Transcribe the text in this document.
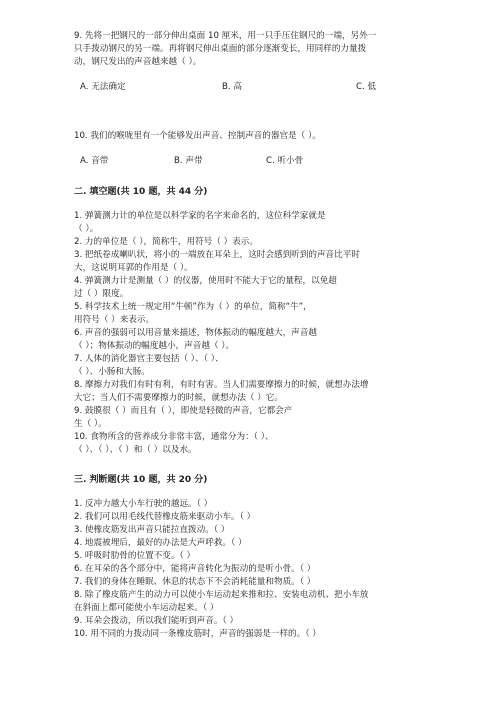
9. 先将一把钢尺的一部分伸出桌面 10 厘米，用一只手压住钢尺的一端，另外一
只手拨动钢尺的另一端。再将钢尺伸出桌面的部分逐渐变长，用同样的力量拨
动，钢尺发出的声音越来越（ ）。
A. 无法确定	B. 高	C. 低
10. 我们的喉咙里有一个能够发出声音、控制声音的器官是（ ）。
A. 音带	B. 声带	C. 听小骨
二. 填空题(共 10 题，共 44 分)
1. 弹簧测力计的单位是以科学家的名字来命名的，这位科学家就是
（ ）。
2. 力的单位是（ ），简称牛，用符号（ ）表示。
3. 把纸卷成喇叭状，将小的一端放在耳朵上，这时会感到听到的声音比平时
大，这说明耳郭的作用是（ ）。
4. 弹簧测力计是测量（ ）的仪器，使用时不能大于它的量程，以免超
过（ ）限度。
5. 科学技术上统一规定用“牛顿”作为（ ）的单位，简称“牛”，
用符号（ ）来表示。
6. 声音的强弱可以用音量来描述，物体振动的幅度越大，声音越
（ ）；物体振动的幅度越小，声音越（ ）。
7. 人体的消化器官主要包括（ ）、（ ）、
（ ）、小肠和大肠。
8. 摩擦力对我们有时有利，有时有害。当人们需要摩擦力的时候，就想办法增
大它；当人们不需要摩擦力的时候，就想办法（ ）它。
9. 鼓膜很（ ）而且有（ ），即使是轻微的声音，它都会产
生（ ）。
10. 食物所含的营养成分非常丰富，通常分为：（ ）、
（ ）、（ ）、（ ）和（ ）以及水。
三. 判断题(共 10 题，共 20 分)
1. 反冲力越大小车行驶的越远。（ ）
2. 我们可以用毛线代替橡皮筋来驱动小车。（ ）
3. 使橡皮筋发出声音只能拉直拨动。（ ）
4. 地震被埋后，最好的办法是大声呼救。（ ）
5. 呼吸时肋骨的位置不变。（ ）
6. 在耳朵的各个部分中，能将声音转化为振动的是听小骨。（ ）
7. 我们的身体在睡眠、休息的状态下不会消耗能量和物质。（ ）
8. 除了橡皮筋产生的动力可以使小车运动起来推和拉、安装电动机、把小车放
在斜面上都可能使小车运动起来。（ ）
9. 耳朵会拨动，所以我们能听到声音。（ ）
10. 用不同的力拨动同一条橡皮筋时，声音的强弱是一样的。（ ）
